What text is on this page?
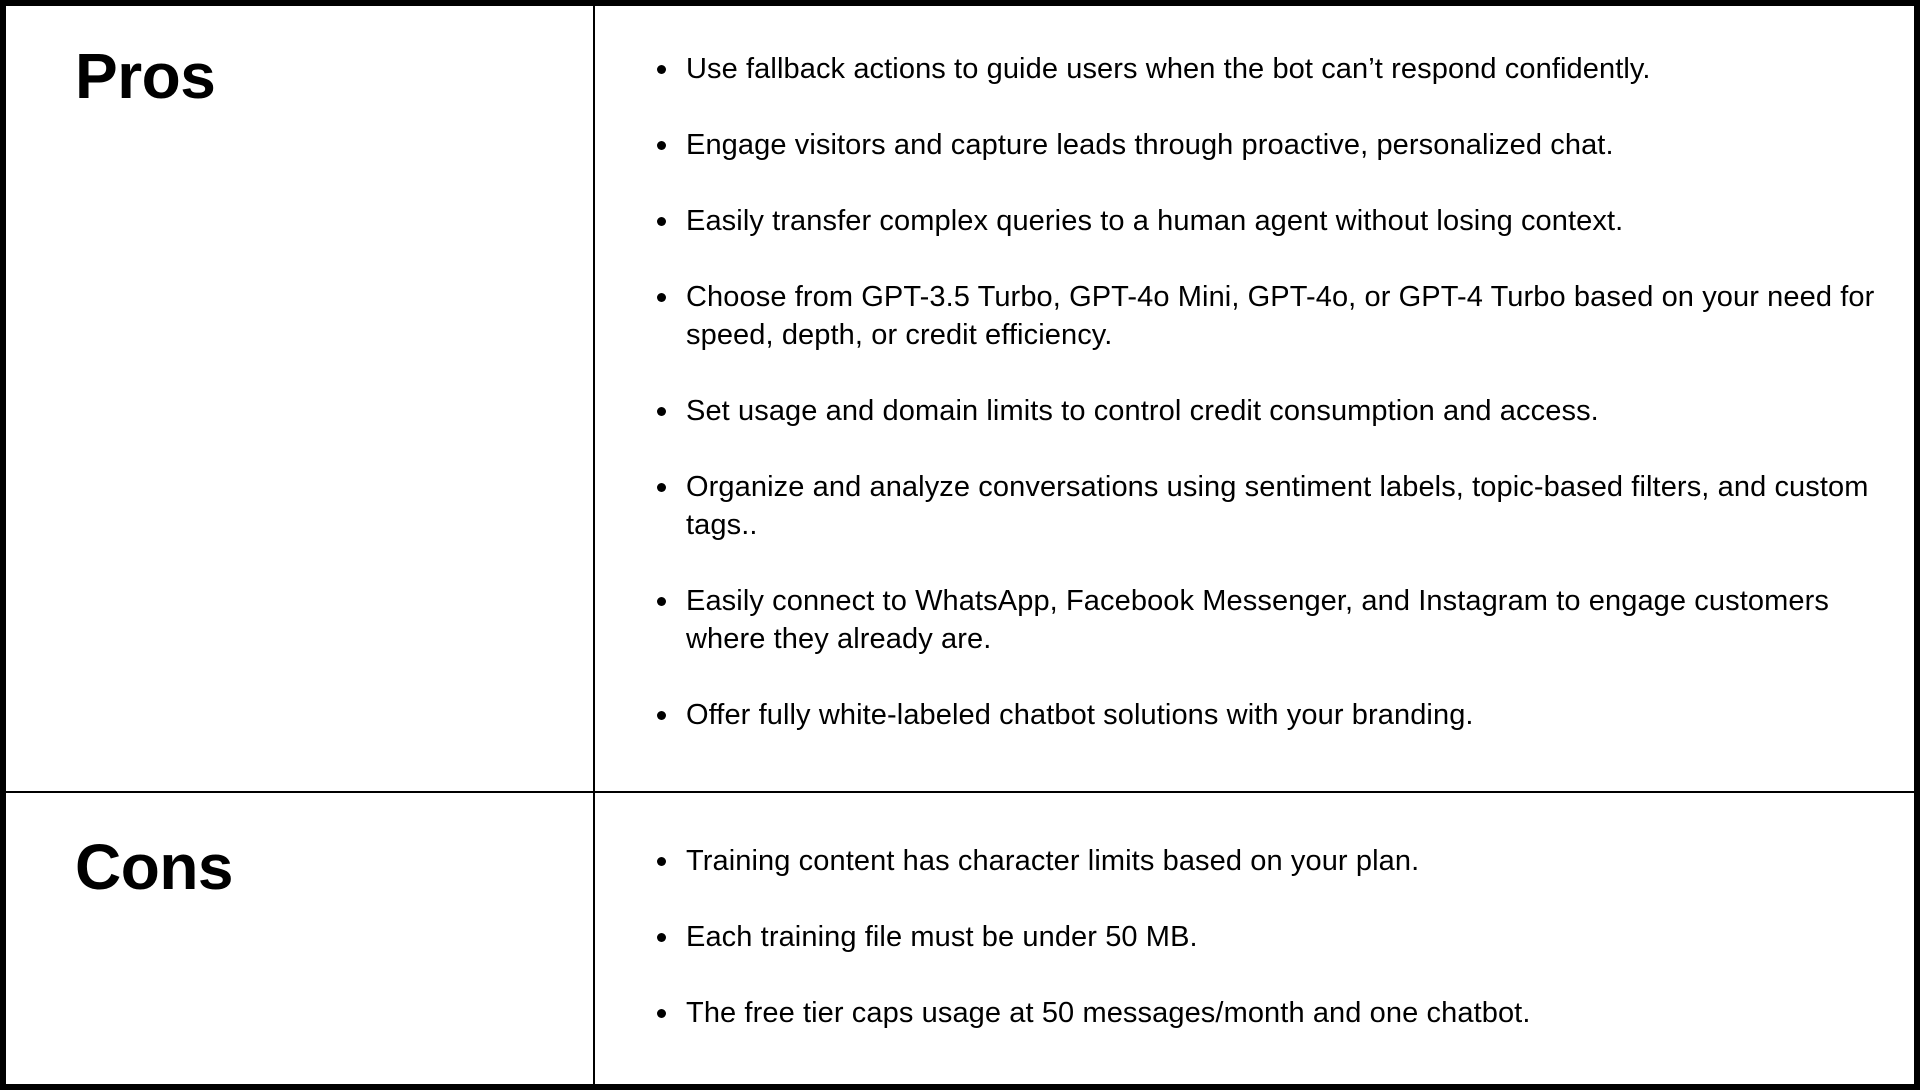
Pros
Cons
Use fallback actions to guide users when the bot can’t respond confidently.
Engage visitors and capture leads through proactive, personalized chat.
Easily transfer complex queries to a human agent without losing context.
Choose from GPT-3.5 Turbo, GPT-4o Mini, GPT-4o, or GPT-4 Turbo based on your need for speed, depth, or credit efficiency.
Set usage and domain limits to control credit consumption and access.
Organize and analyze conversations using sentiment labels, topic-based filters, and custom tags..
Easily connect to WhatsApp, Facebook Messenger, and Instagram to engage customers where they already are.
Offer fully white-labeled chatbot solutions with your branding.
Training content has character limits based on your plan.
Each training file must be under 50 MB.
The free tier caps usage at 50 messages/month and one chatbot.
